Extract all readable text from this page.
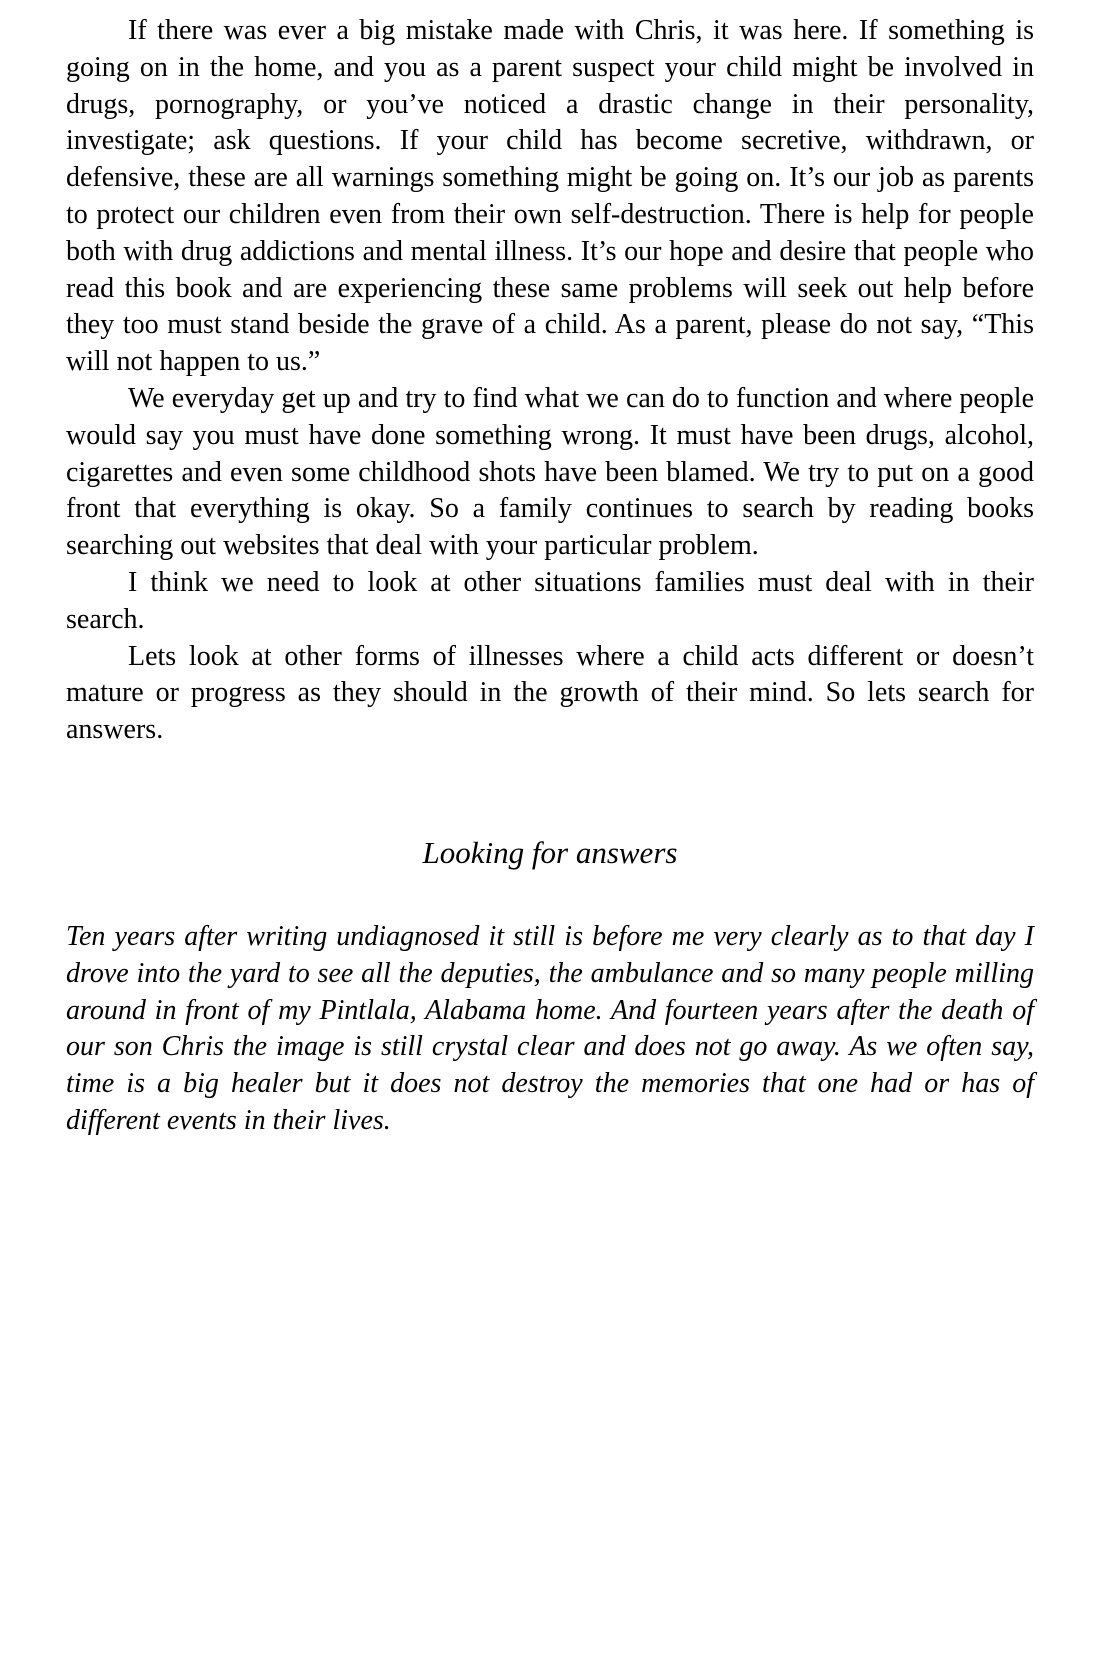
If there was ever a big mistake made with Chris, it was here. If something is going on in the home, and you as a parent suspect your child might be involved in drugs, pornography, or you’ve noticed a drastic change in their personality, investigate; ask questions. If your child has become secretive, withdrawn, or defensive, these are all warnings something might be going on. It’s our job as parents to protect our children even from their own self-destruction. There is help for people both with drug addictions and mental illness. It’s our hope and desire that people who read this book and are experiencing these same problems will seek out help before they too must stand beside the grave of a child. As a parent, please do not say, “This will not happen to us.”

We everyday get up and try to find what we can do to function and where people would say you must have done something wrong. It must have been drugs, alcohol, cigarettes and even some childhood shots have been blamed. We try to put on a good front that everything is okay. So a family continues to search by reading books searching out websites that deal with your particular problem.

I think we need to look at other situations families must deal with in their search.

Lets look at other forms of illnesses where a child acts different or doesn’t mature or progress as they should in the growth of their mind. So lets search for answers.

Looking for answers

Ten years after writing undiagnosed it still is before me very clearly as to that day I drove into the yard to see all the deputies, the ambulance and so many people milling around in front of my Pintlala, Alabama home. And fourteen years after the death of our son Chris the image is still crystal clear and does not go away. As we often say, time is a big healer but it does not destroy the memories that one had or has of different events in their lives.
